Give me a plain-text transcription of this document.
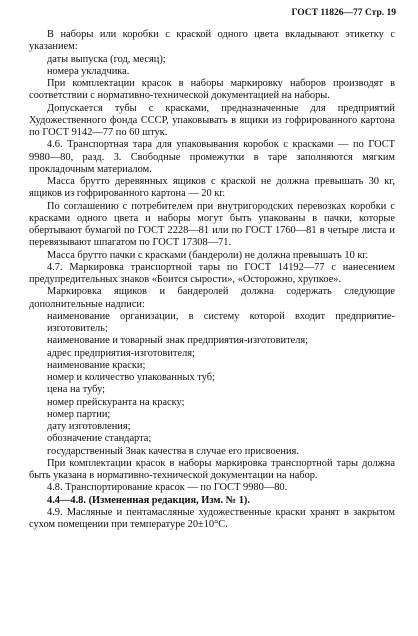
ГОСТ 11826—77 Стр. 19

В наборы или коробки с краской одного цвета вкладывают этикетку с указанием:

даты выпуска (год, месяц);

номера укладчика.

При комплектации красок в наборы маркировку наборов производят в соответствии с нормативно-технической документацией на наборы.

Допускается тубы с красками, предназначенные для предприятий Художественного фонда СССР, упаковывать в ящики из гофрированного картона по ГОСТ 9142—77 по 60 штук.

4.6. Транспортная тара для упаковывания коробок с красками — по ГОСТ 9980—80, разд. 3. Свободные промежутки в таре заполняются мягким прокладочным материалом.

Масса брутто деревянных ящиков с краской не должна превышать 30 кг, ящиков из гофрированного картона — 20 кг.

По соглашению с потребителем при внутригородских перевозках коробки с красками одного цвета и наборы могут быть упакованы в пачки, которые обертывают бумагой по ГОСТ 2228—81 или по ГОСТ 1760—81 в четыре листа и перевязывают шпагатом по ГОСТ 17308—71.

Масса брутто пачки с красками (бандероли) не должна превышать 10 кг.

4.7. Маркировка транспортной тары по ГОСТ 14192—77 с нанесением предупредительных знаков «Боится сырости», «Осторожно, хрупкое».

Маркировка ящиков и бандеролей должна содержать следующие дополнительные надписи:

наименование организации, в систему которой входит предприятие-изготовитель;

наименование и товарный знак предприятия-изготовителя;

адрес предприятия-изготовителя;

наименование краски;

номер и количество упакованных туб;

цена на тубу;

номер прейскуранта на краску;

номер партии;

дату изготовления;

обозначение стандарта;

государственный Знак качества в случае его присвоения.

При комплектации красок в наборы маркировка транспортной тары должна быть указана в нормативно-технической документации на набор.

4.8. Транспортирование красок — по ГОСТ 9980—80.

4.4—4.8. (Измененная редакция, Изм. № 1).

4.9. Масляные и пентамасляные художественные краски хранят в закрытом сухом помещении при температуре 20±10°С.
